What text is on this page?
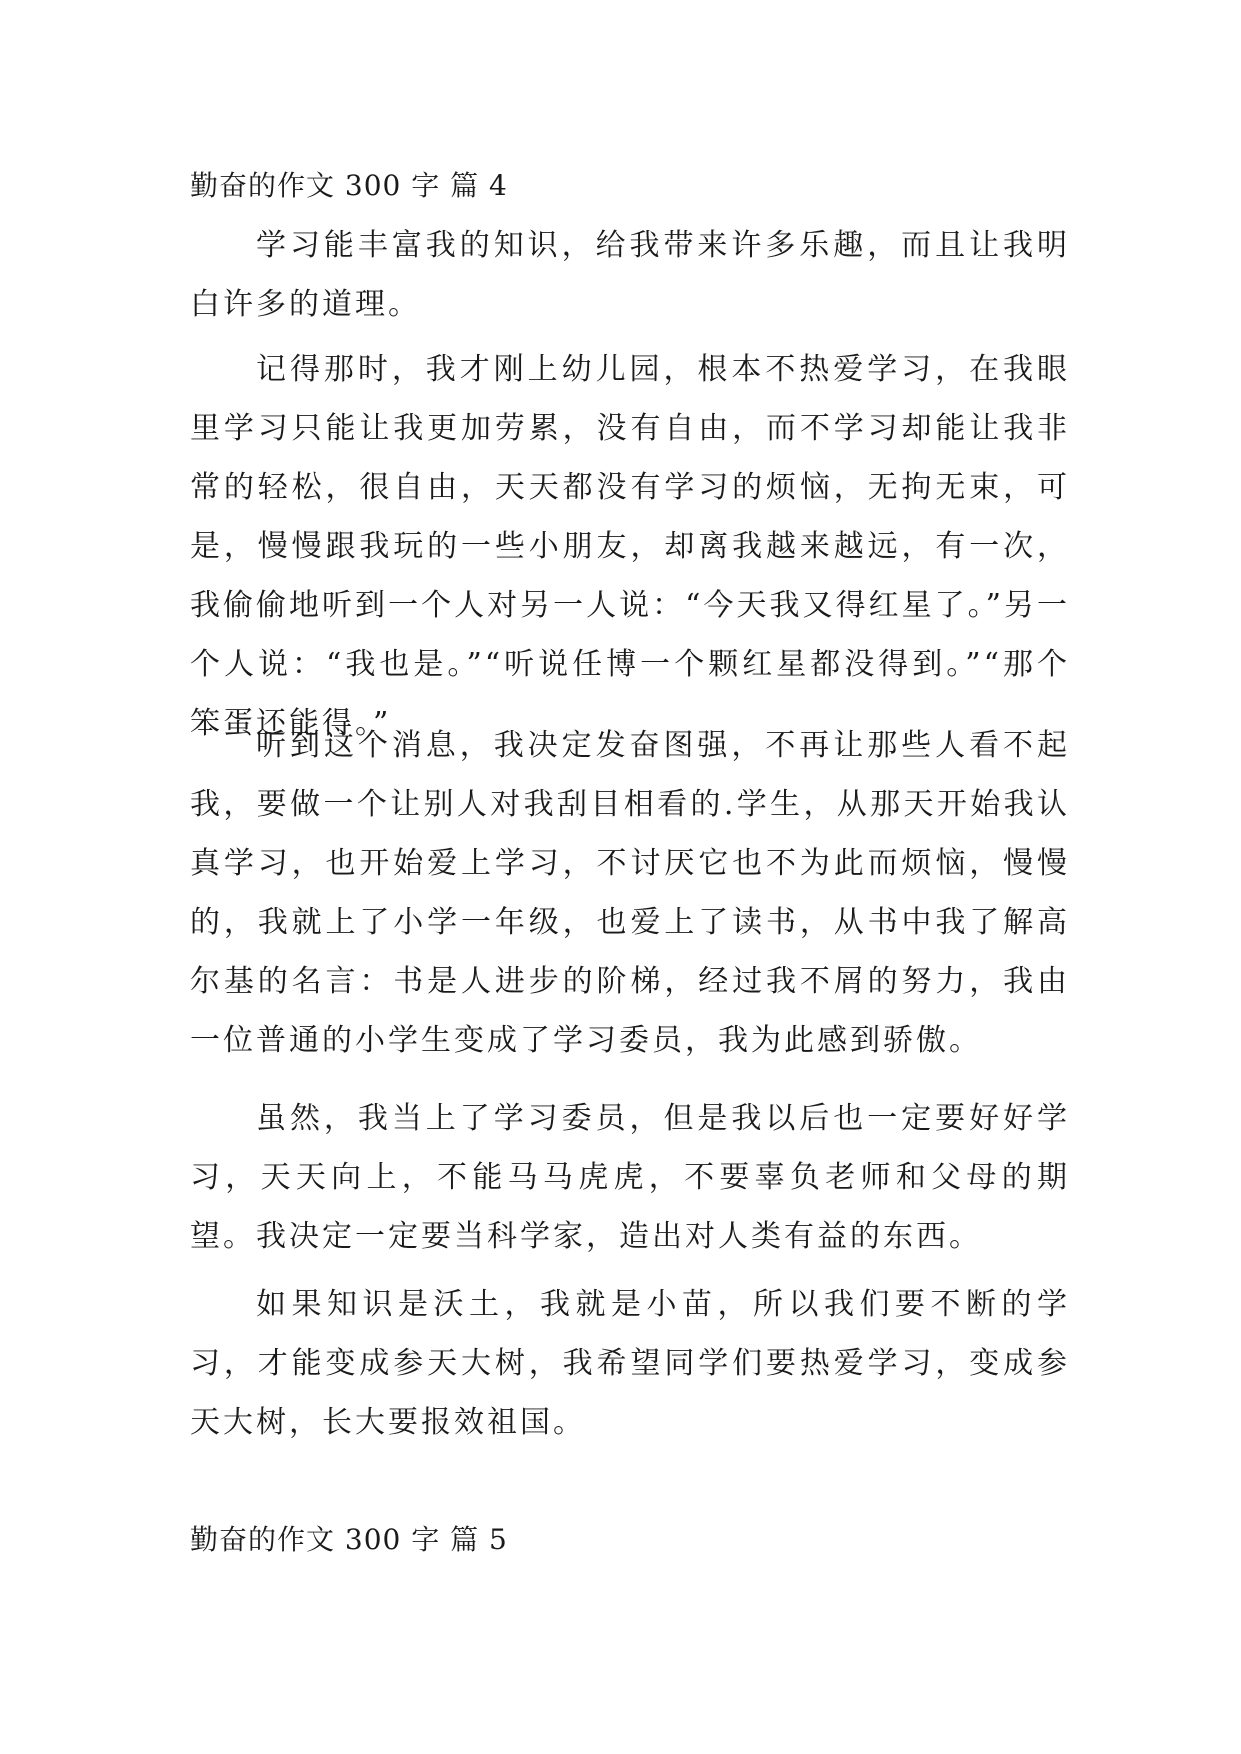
勤奋的作文 300 字 篇 4

学习能丰富我的知识，给我带来许多乐趣，而且让我明白许多的道理。

记得那时，我才刚上幼儿园，根本不热爱学习，在我眼里学习只能让我更加劳累，没有自由，而不学习却能让我非常的轻松，很自由，天天都没有学习的烦恼，无拘无束，可是，慢慢跟我玩的一些小朋友，却离我越来越远，有一次，我偷偷地听到一个人对另一人说：“今天我又得红星了。”另一个人说：“我也是。”“听说任博一个颗红星都没得到。”“那个笨蛋还能得。”

听到这个消息，我决定发奋图强，不再让那些人看不起我，要做一个让别人对我刮目相看的.学生，从那天开始我认真学习，也开始爱上学习，不讨厌它也不为此而烦恼，慢慢的，我就上了小学一年级，也爱上了读书，从书中我了解高尔基的名言：书是人进步的阶梯，经过我不屑的努力，我由一位普通的小学生变成了学习委员，我为此感到骄傲。

虽然，我当上了学习委员，但是我以后也一定要好好学习，天天向上，不能马马虎虎，不要辜负老师和父母的期望。我决定一定要当科学家，造出对人类有益的东西。

如果知识是沃土，我就是小苗，所以我们要不断的学习，才能变成参天大树，我希望同学们要热爱学习，变成参天大树，长大要报效祖国。

勤奋的作文 300 字 篇 5
